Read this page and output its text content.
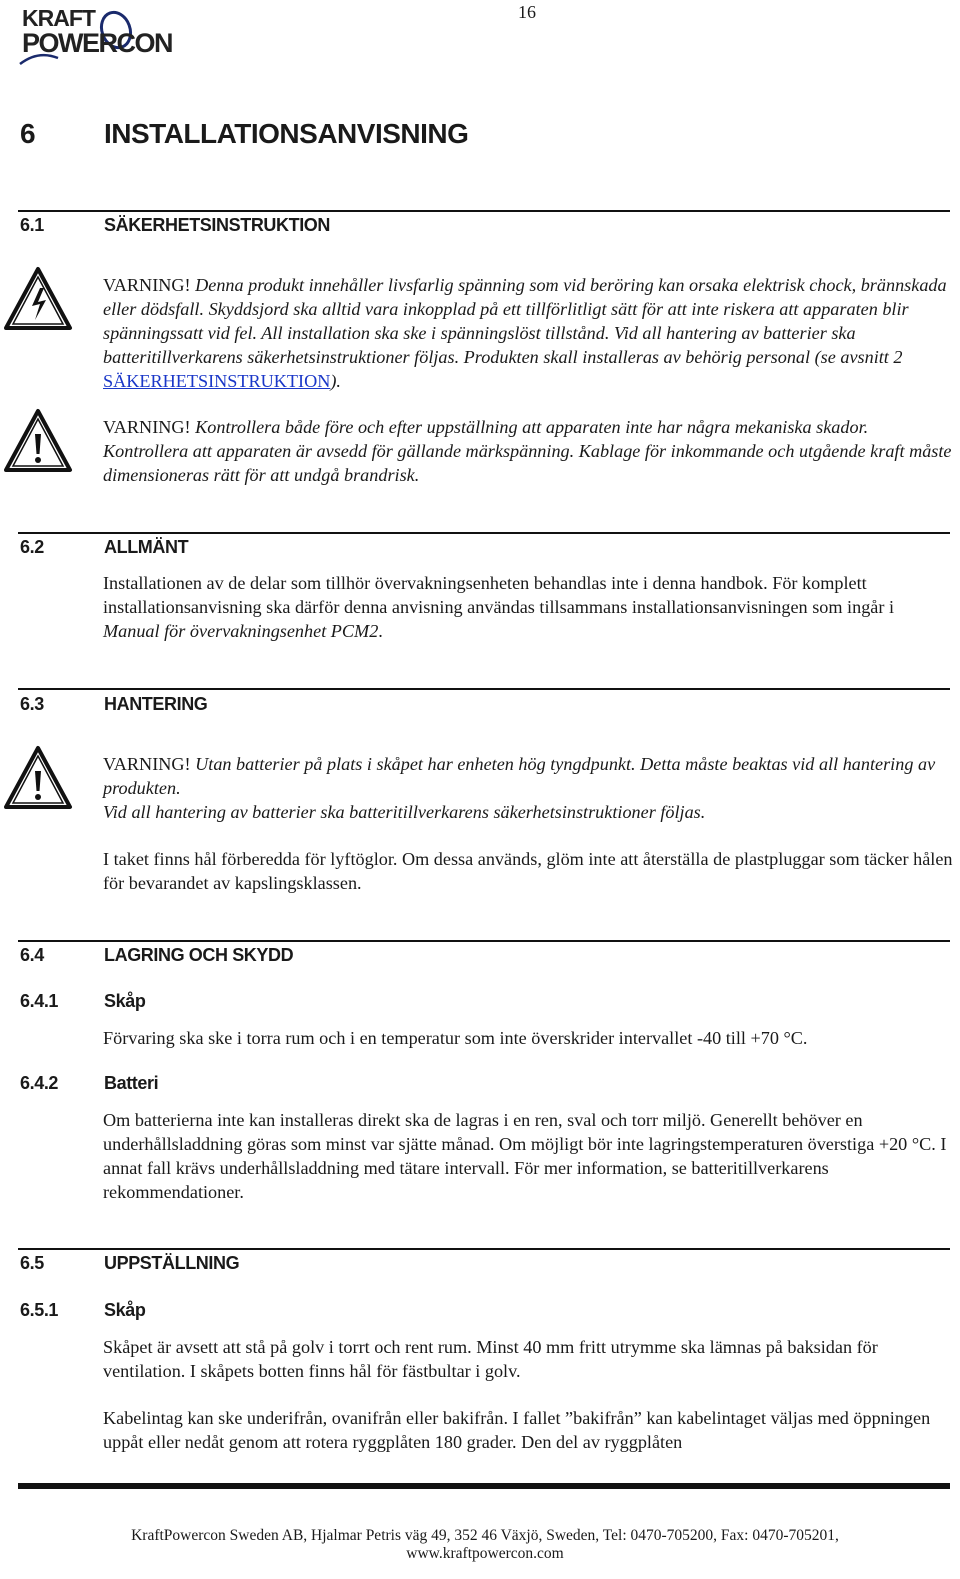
KRAFT
POWERCON
16
6 INSTALLATIONSANVISNING
6.1	SÄKERHETSINSTRUKTION
VARNING! Denna produkt innehåller livsfarlig spänning som vid beröring kan orsaka elektrisk chock, brännskada eller dödsfall. Skyddsjord ska alltid vara inkopplad på ett tillförlitligt sätt för att inte riskera att apparaten blir spänningssatt vid fel. All installation ska ske i spänningslöst tillstånd. Vid all hantering av batterier ska batteritillverkarens säkerhetsinstruktioner följas. Produkten skall installeras av behörig personal (se avsnitt 2 SÄKERHETSINSTRUKTION).
VARNING! Kontrollera både före och efter uppställning att apparaten inte har några mekaniska skador. Kontrollera att apparaten är avsedd för gällande märkspänning. Kablage för inkommande och utgående kraft måste dimensioneras rätt för att undgå brandrisk.
6.2	ALLMÄNT
Installationen av de delar som tillhör övervakningsenheten behandlas inte i denna handbok. För komplett installationsanvisning ska därför denna anvisning användas tillsammans installationsanvisningen som ingår i Manual för övervakningsenhet PCM2.
6.3	HANTERING
VARNING! Utan batterier på plats i skåpet har enheten hög tyngdpunkt. Detta måste beaktas vid all hantering av produkten.
Vid all hantering av batterier ska batteritillverkarens säkerhetsinstruktioner följas.
I taket finns hål förberedda för lyftöglor. Om dessa används, glöm inte att återställa de plastpluggar som täcker hålen för bevarandet av kapslingsklassen.
6.4	LAGRING OCH SKYDD
6.4.1	Skåp
Förvaring ska ske i torra rum och i en temperatur som inte överskrider intervallet -40 till +70 °C.
6.4.2	Batteri
Om batterierna inte kan installeras direkt ska de lagras i en ren, sval och torr miljö. Generellt behöver en underhållsladdning göras som minst var sjätte månad. Om möjligt bör inte lagringstemperaturen överstiga +20 °C. I annat fall krävs underhållsladdning med tätare intervall. För mer information, se batteritillverkarens rekommendationer.
6.5	UPPSTÄLLNING
6.5.1	Skåp
Skåpet är avsett att stå på golv i torrt och rent rum. Minst 40 mm fritt utrymme ska lämnas på baksidan för ventilation. I skåpets botten finns hål för fästbultar i golv.
Kabelintag kan ske underifrån, ovanifrån eller bakifrån. I fallet ”bakifrån” kan kabelintaget väljas med öppningen uppåt eller nedåt genom att rotera ryggplåten 180 grader. Den del av ryggplåten
KraftPowercon Sweden AB, Hjalmar Petris väg 49, 352 46 Växjö, Sweden, Tel: 0470-705200, Fax: 0470-705201,
www.kraftpowercon.com
